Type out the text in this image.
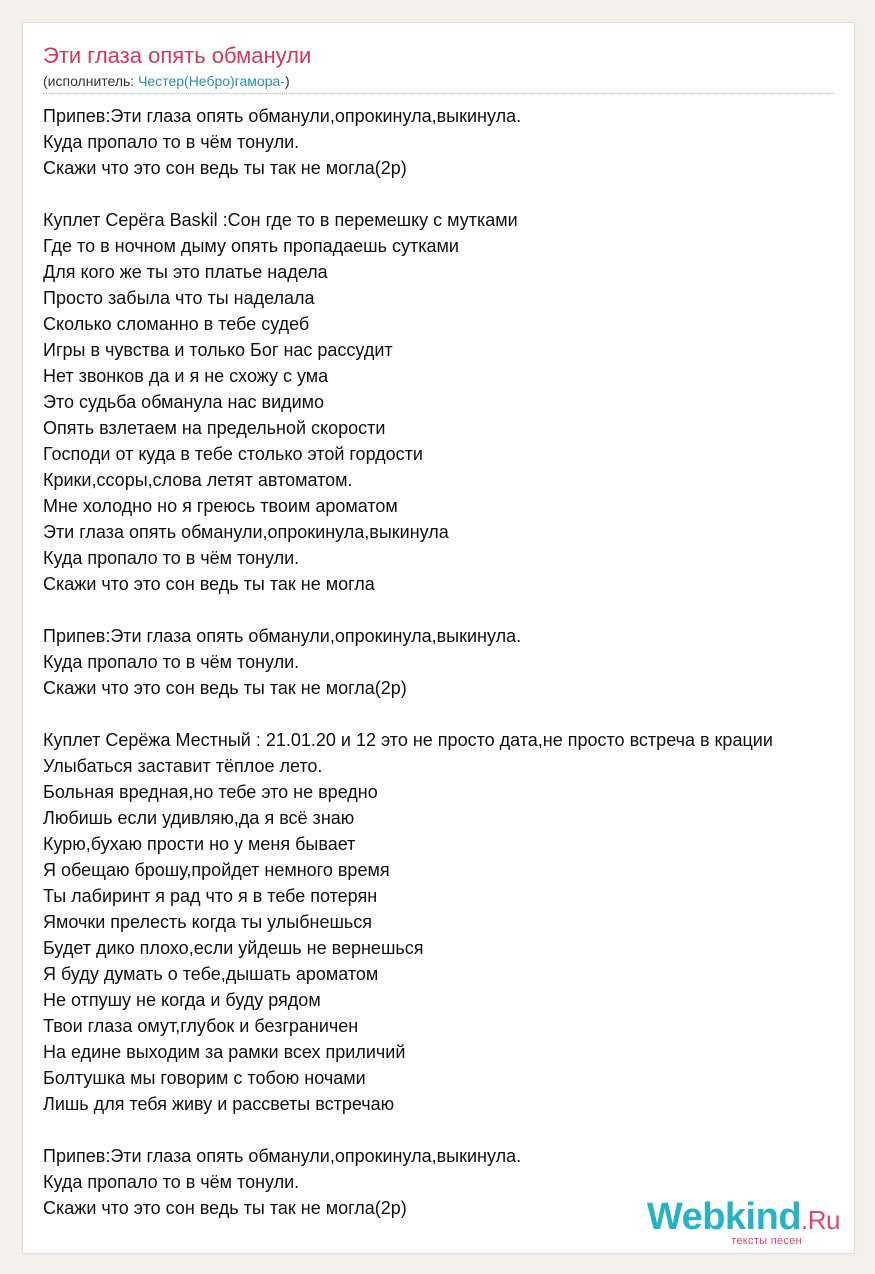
Эти глаза опять обманули
(исполнитель: Честер(Небро)гамора-)
Припев:Эти глаза опять обманули,опрокинула,выкинула.
Куда пропало то в чём тонули.
Скажи что это сон ведь ты так не могла(2р)
Куплет Серёга Baskil :Сон где то в перемешку с мутками
Где то в ночном дыму опять пропадаешь сутками
Для кого же ты это платье надела
Просто забыла что ты наделала
Сколько сломанно в тебе судеб
Игры в чувства и только Бог нас рассудит
Нет звонков да и я не схожу с ума
Это судьба обманула нас видимо
Опять взлетаем на предельной скорости
Господи от куда в тебе столько этой гордости
Крики,ссоры,слова летят автоматом.
Мне холодно но я греюсь твоим ароматом
Эти глаза опять обманули,опрокинула,выкинула
Куда пропало то в чём тонули.
Скажи что это сон ведь ты так не могла
Припев:Эти глаза опять обманули,опрокинула,выкинула.
Куда пропало то в чём тонули.
Скажи что это сон ведь ты так не могла(2р)
Куплет Серёжа Местный : 21.01.20 и 12 это не просто дата,не просто встреча в крации
Улыбаться заставит тёплое лето.
Больная вредная,но тебе это не вредно
Любишь если удивляю,да я всё знаю
Курю,бухаю прости но у меня бывает
Я обещаю брошу,пройдет немного время
Ты лабиринт я рад что я в тебе потерян
Ямочки прелесть когда ты улыбнешься
Будет дико плохо,если уйдешь не вернешься
Я буду думать о тебе,дышать ароматом
Не отпушу не когда и буду рядом
Твои глаза омут,глубок и безграничен
На едине выходим за рамки всех приличий
Болтушка мы говорим с тобою ночами
Лишь для тебя живу и рассветы встречаю
Припев:Эти глаза опять обманули,опрокинула,выкинула.
Куда пропало то в чём тонули.
Скажи что это сон ведь ты так не могла(2р)	Webkind.Ru
тексты песен
